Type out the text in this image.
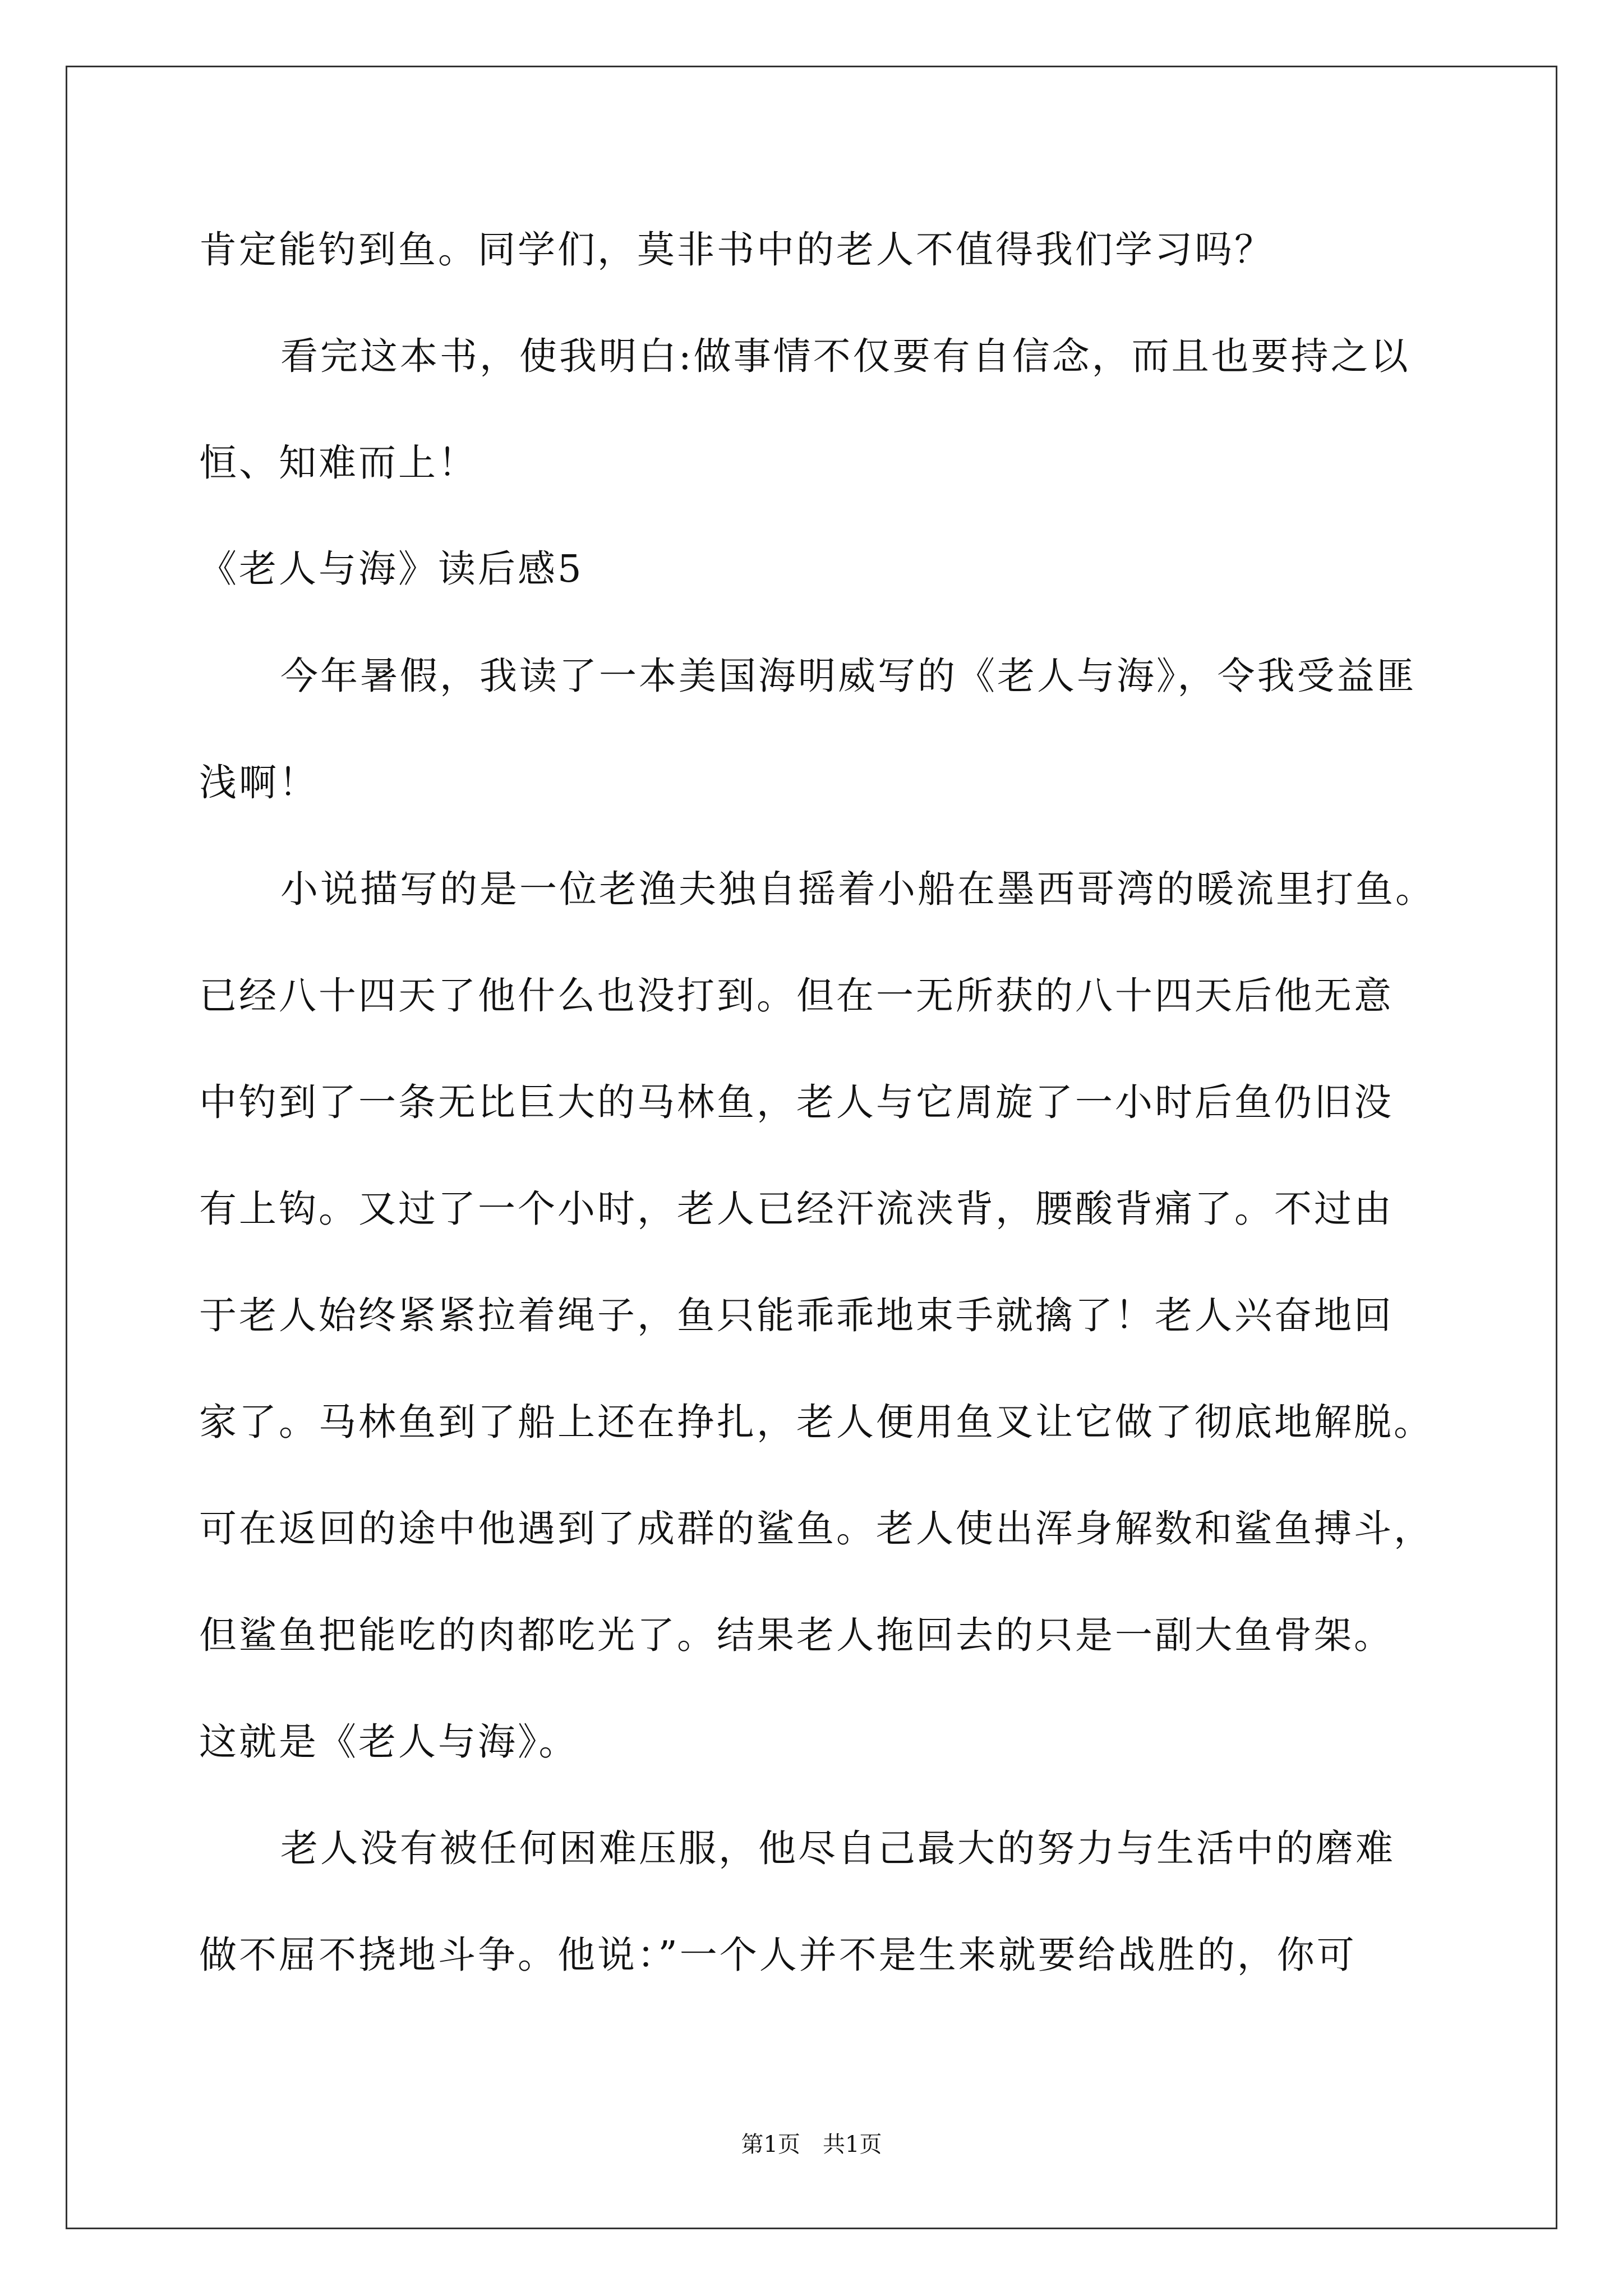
肯定能钓到鱼。同学们，莫非书中的老人不值得我们学习吗？
看完这本书，使我明白:做事情不仅要有自信念，而且也要持之以
恒、知难而上！
《老人与海》读后感5
今年暑假，我读了一本美国海明威写的《老人与海》，令我受益匪
浅啊！
小说描写的是一位老渔夫独自摇着小船在墨西哥湾的暖流里打鱼。
已经八十四天了他什么也没打到。但在一无所获的八十四天后他无意
中钓到了一条无比巨大的马林鱼，老人与它周旋了一小时后鱼仍旧没
有上钩。又过了一个小时，老人已经汗流浃背，腰酸背痛了。不过由
于老人始终紧紧拉着绳子，鱼只能乖乖地束手就擒了！老人兴奋地回
家了。马林鱼到了船上还在挣扎，老人便用鱼叉让它做了彻底地解脱。
可在返回的途中他遇到了成群的鲨鱼。老人使出浑身解数和鲨鱼搏斗，
但鲨鱼把能吃的肉都吃光了。结果老人拖回去的只是一副大鱼骨架。
这就是《老人与海》。
老人没有被任何困难压服，他尽自己最大的努力与生活中的磨难
做不屈不挠地斗争。他说：”一个人并不是生来就要给战胜的，你可
第1页　共1页
